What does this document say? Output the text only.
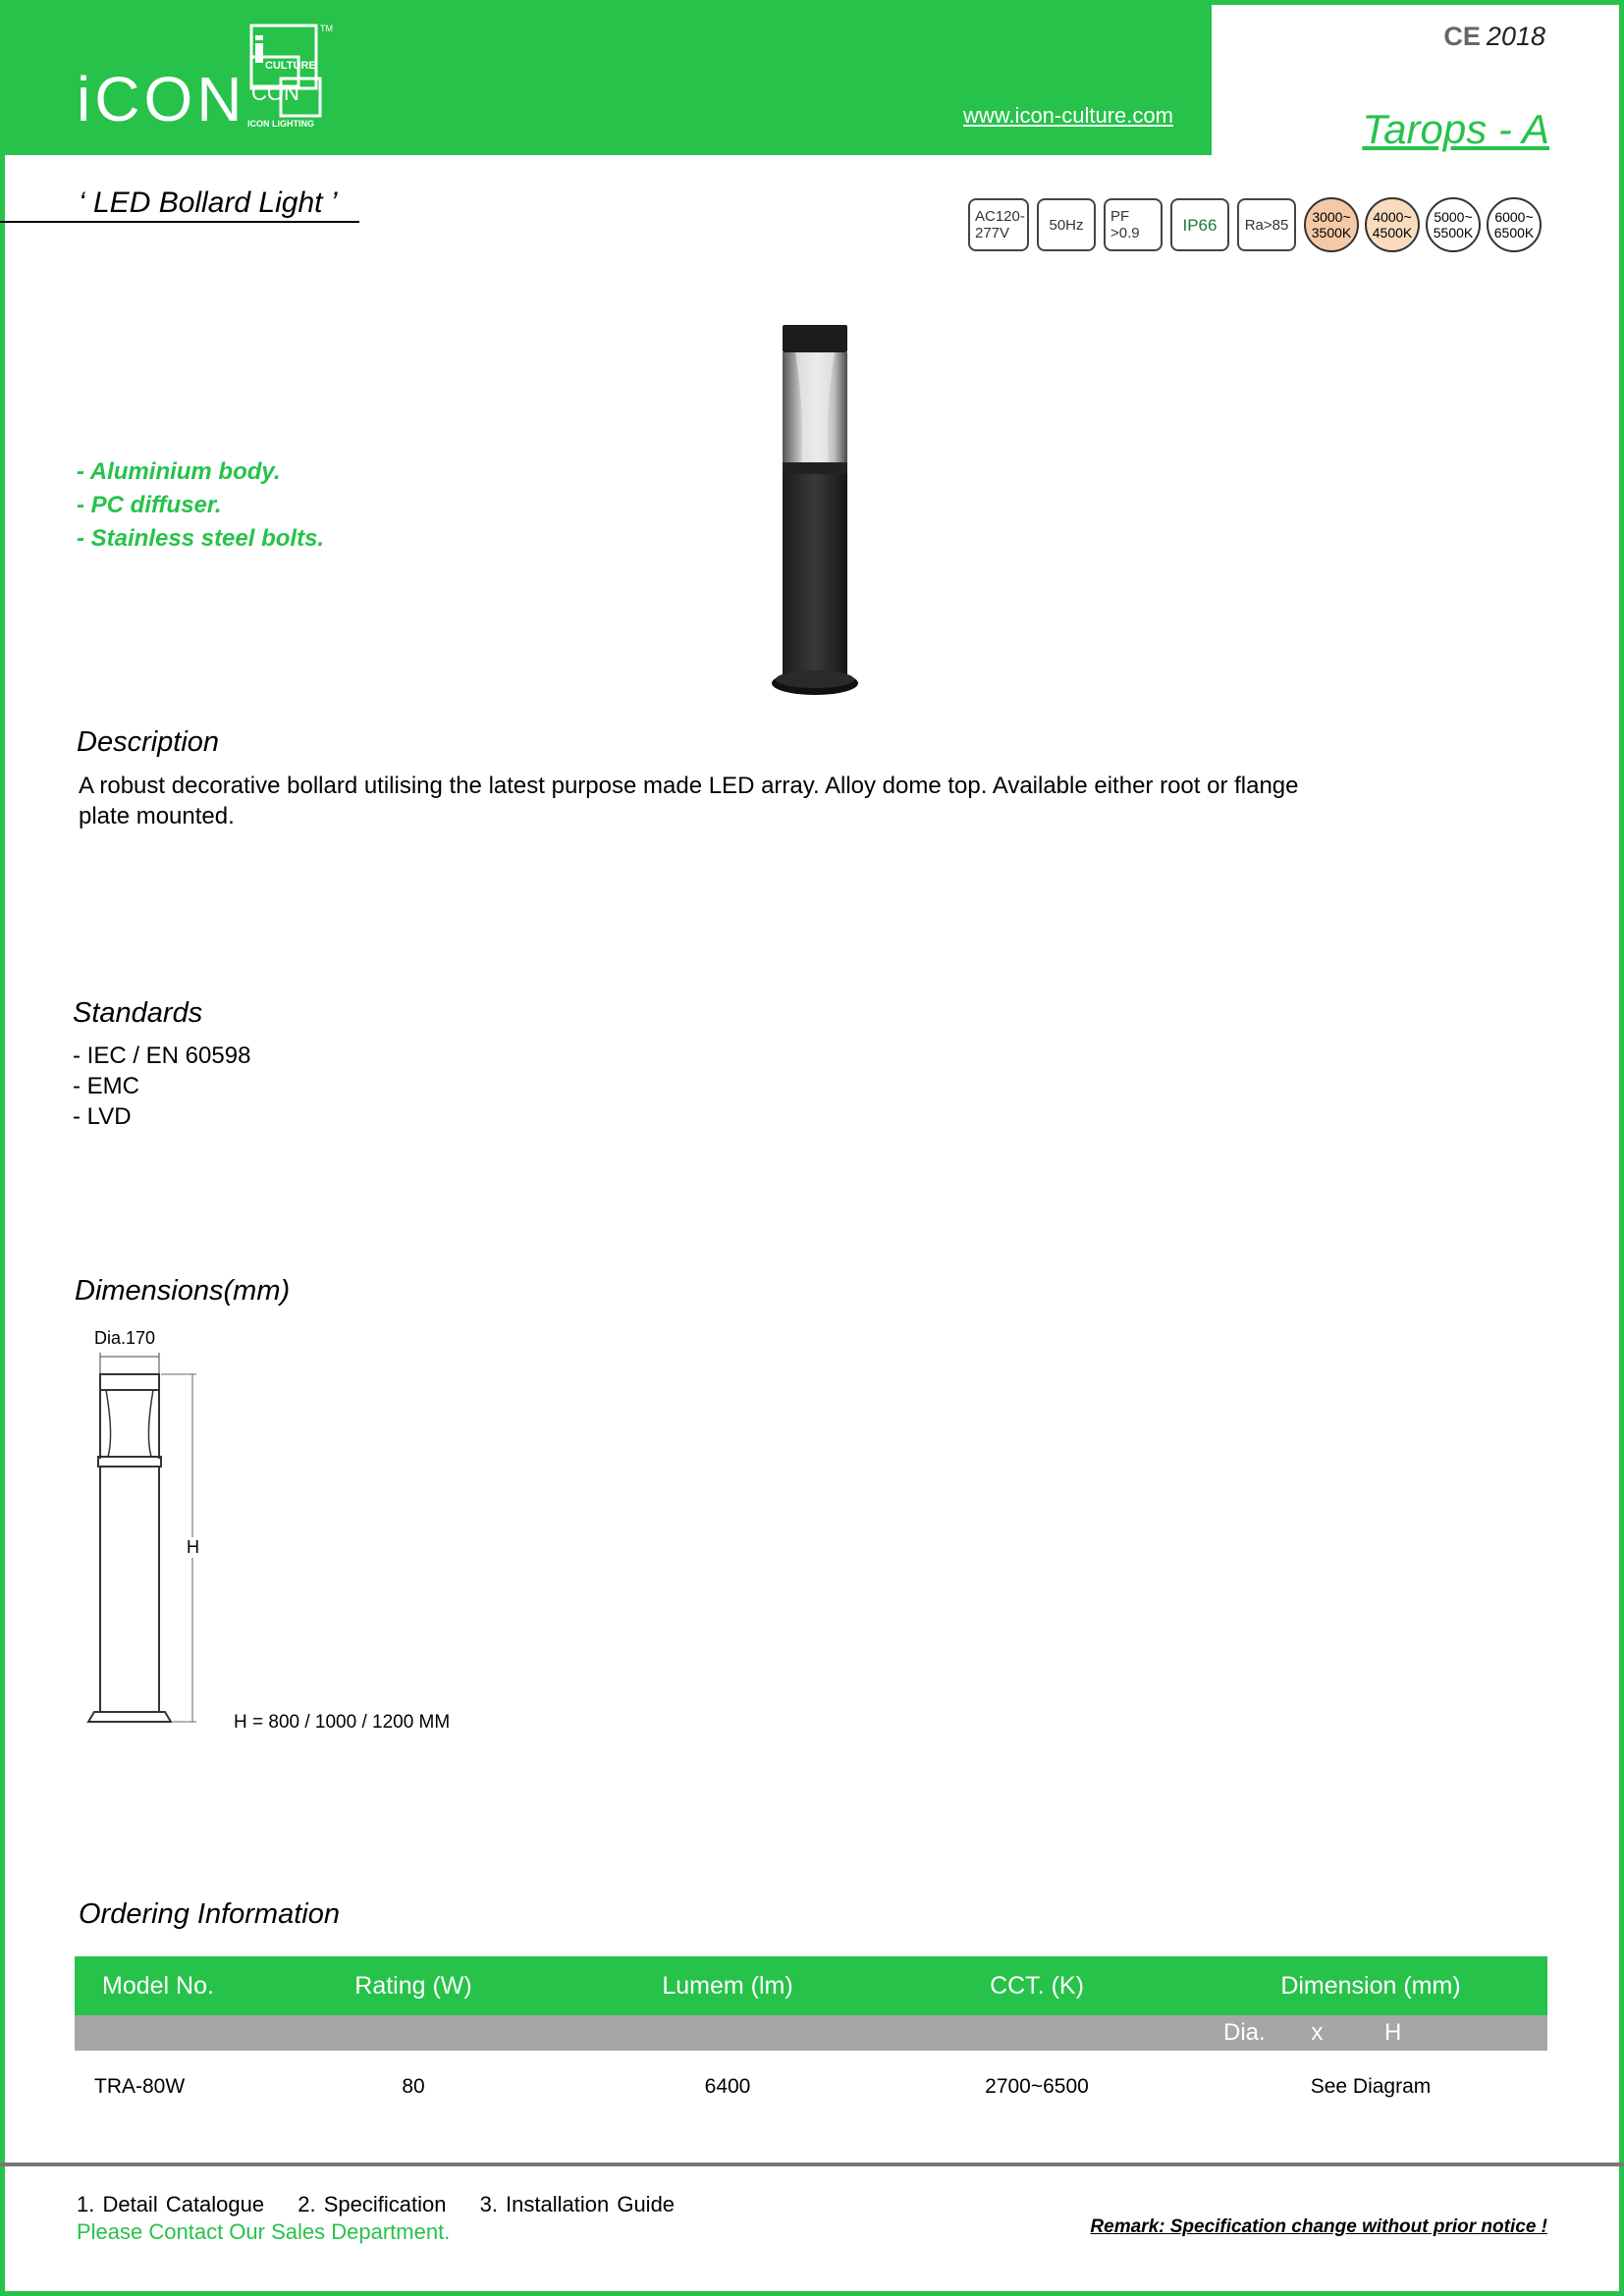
iCON CULTURE
CON
ICON LIGHTING
TM
www.icon-culture.com
CE 2018
Tarops - A
‘ LED Bollard Light ’	AC120-277V	50Hz	PF >0.9	IP66	Ra>85	3000~
3500K
4000~
4500K
5000~
5500K
6000~
6500K
- Aluminium body.
- PC diffuser.
- Stainless steel bolts.
Description
A robust decorative bollard utilising the latest purpose made LED array. Alloy dome top. Available either root or flange plate mounted.
Standards
- IEC / EN 60598
- EMC
- LVD
Dimensions(mm)
Dia.170
H
H = 800 / 1000 / 1200 MM
Ordering Information
Model No.	Rating (W)	Lumem (lm)	CCT. (K)	Dimension (mm)
				Dia. x H
TRA-80W	80	6400	2700~6500	See Diagram
1. Detail Catalogue 2. Specification 3. Installation Guide
Please Contact Our Sales Department.	Remark: Specification change without prior notice !
